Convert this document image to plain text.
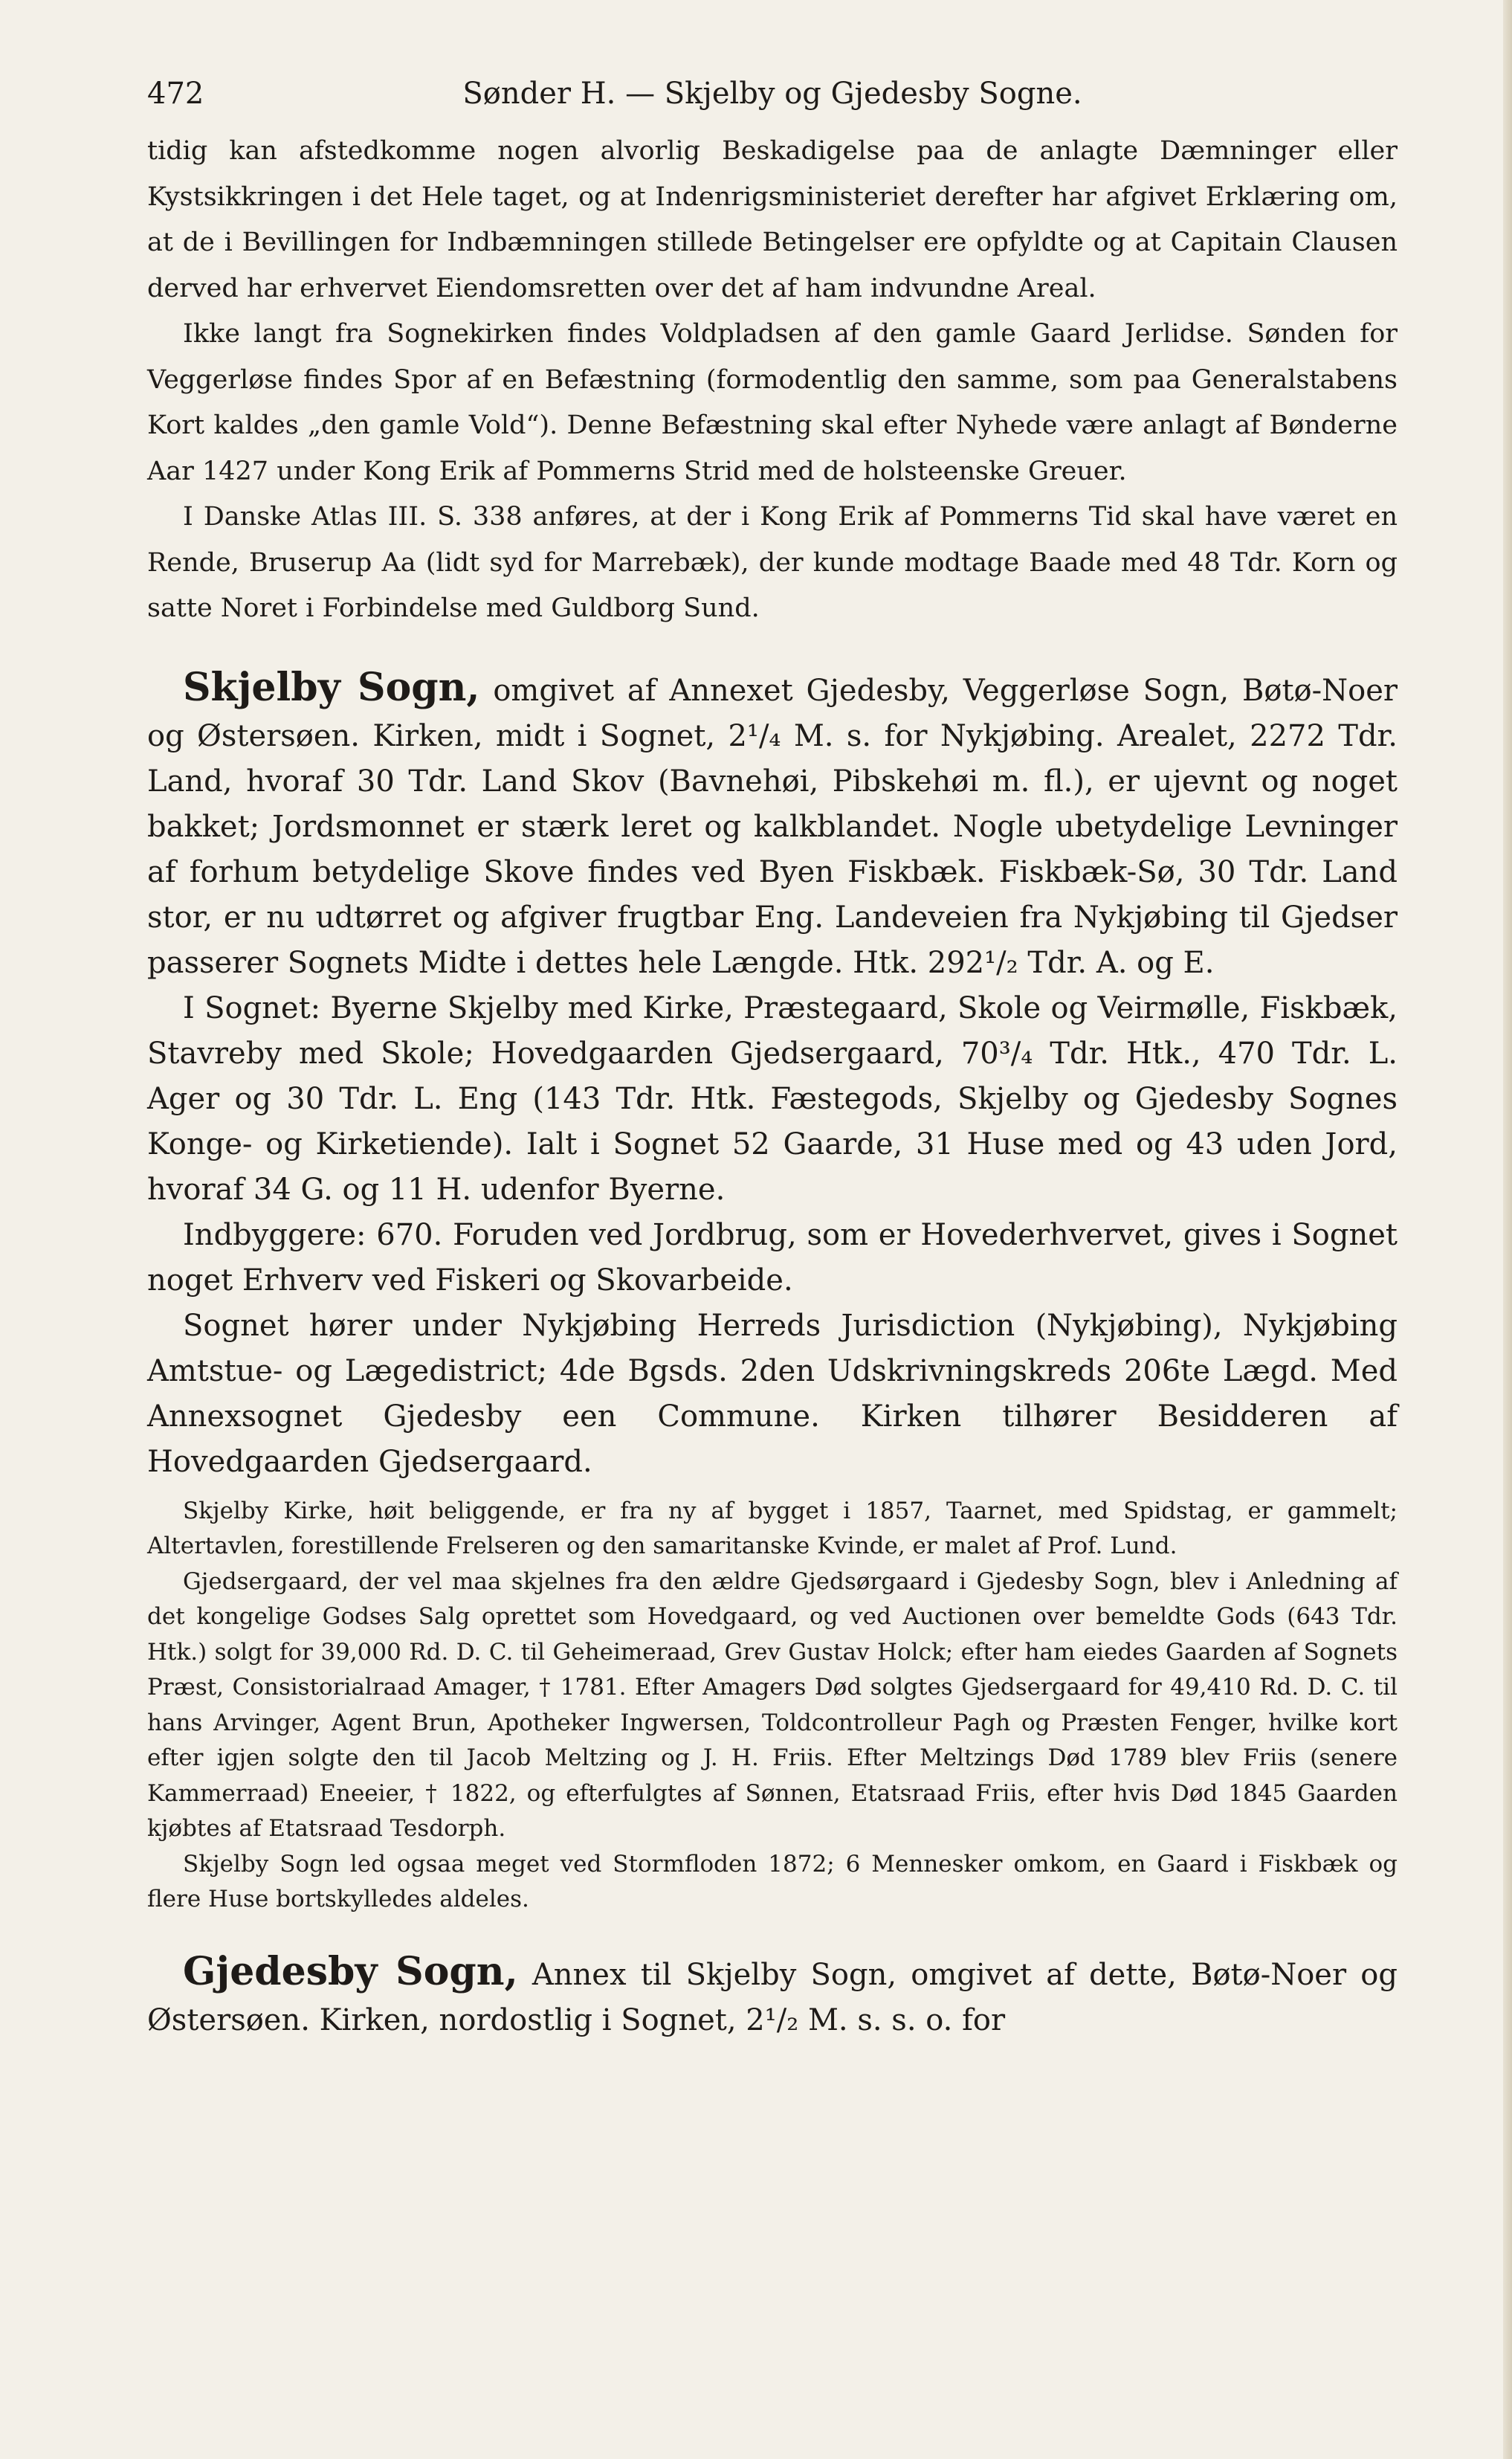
472	Sønder H. — Skjelby og Gjedesby Sogne.

tidig kan afstedkomme nogen alvorlig Beskadigelse paa de anlagte Dæmninger eller Kystsikkringen i det Hele taget, og at Indenrigsministeriet derefter har afgivet Erklæring om, at de i Bevillingen for Indbæmningen stillede Betingelser ere opfyldte og at Capitain Clausen derved har erhvervet Eiendomsretten over det af ham indvundne Areal.

Ikke langt fra Sognekirken findes Voldpladsen af den gamle Gaard Jerlidse. Sønden for Veggerløse findes Spor af en Befæstning (formodentlig den samme, som paa Generalstabens Kort kaldes „den gamle Vold“). Denne Befæstning skal efter Nyhede være anlagt af Bønderne Aar 1427 under Kong Erik af Pommerns Strid med de holsteenske Greuer.

I Danske Atlas III. S. 338 anføres, at der i Kong Erik af Pommerns Tid skal have været en Rende, Bruserup Aa (lidt syd for Marrebæk), der kunde modtage Baade med 48 Tdr. Korn og satte Noret i Forbindelse med Guldborg Sund.

Skjelby Sogn, omgivet af Annexet Gjedesby, Veggerløse Sogn, Bøtø-Noer og Østersøen. Kirken, midt i Sognet, 2¹/₄ M. s. for Nykjøbing. Arealet, 2272 Tdr. Land, hvoraf 30 Tdr. Land Skov (Bavnehøi, Pibskehøi m. fl.), er ujevnt og noget bakket; Jordsmonnet er stærk leret og kalkblandet. Nogle ubetydelige Levninger af forhum betydelige Skove findes ved Byen Fiskbæk. Fiskbæk-Sø, 30 Tdr. Land stor, er nu udtørret og afgiver frugtbar Eng. Landeveien fra Nykjøbing til Gjedser passerer Sognets Midte i dettes hele Længde. Htk. 292¹/₂ Tdr. A. og E.

I Sognet: Byerne Skjelby med Kirke, Præstegaard, Skole og Veirmølle, Fiskbæk, Stavreby med Skole; Hovedgaarden Gjedsergaard, 70³/₄ Tdr. Htk., 470 Tdr. L. Ager og 30 Tdr. L. Eng (143 Tdr. Htk. Fæstegods, Skjelby og Gjedesby Sognes Konge- og Kirketiende). Ialt i Sognet 52 Gaarde, 31 Huse med og 43 uden Jord, hvoraf 34 G. og 11 H. udenfor Byerne.

Indbyggere: 670. Foruden ved Jordbrug, som er Hovederhvervet, gives i Sognet noget Erhverv ved Fiskeri og Skovarbeide.

Sognet hører under Nykjøbing Herreds Jurisdiction (Nykjøbing), Nykjøbing Amtstue- og Lægedistrict; 4de Bgsds. 2den Udskrivningskreds 206te Lægd. Med Annexsognet Gjedesby een Commune. Kirken tilhører Besidderen af Hovedgaarden Gjedsergaard.

Skjelby Kirke, høit beliggende, er fra ny af bygget i 1857, Taarnet, med Spidstag, er gammelt; Altertavlen, forestillende Frelseren og den samaritanske Kvinde, er malet af Prof. Lund.

Gjedsergaard, der vel maa skjelnes fra den ældre Gjedsørgaard i Gjedesby Sogn, blev i Anledning af det kongelige Godses Salg oprettet som Hovedgaard, og ved Auctionen over bemeldte Gods (643 Tdr. Htk.) solgt for 39,000 Rd. D. C. til Geheimeraad, Grev Gustav Holck; efter ham eiedes Gaarden af Sognets Præst, Consistorialraad Amager, † 1781. Efter Amagers Død solgtes Gjedsergaard for 49,410 Rd. D. C. til hans Arvinger, Agent Brun, Apotheker Ingwersen, Toldcontrolleur Pagh og Præsten Fenger, hvilke kort efter igjen solgte den til Jacob Meltzing og J. H. Friis. Efter Meltzings Død 1789 blev Friis (senere Kammerraad) Eneeier, † 1822, og efterfulgtes af Sønnen, Etatsraad Friis, efter hvis Død 1845 Gaarden kjøbtes af Etatsraad Tesdorph.

Skjelby Sogn led ogsaa meget ved Stormfloden 1872; 6 Mennesker omkom, en Gaard i Fiskbæk og flere Huse bortskylledes aldeles.

Gjedesby Sogn, Annex til Skjelby Sogn, omgivet af dette, Bøtø-Noer og Østersøen. Kirken, nordostlig i Sognet, 2¹/₂ M. s. s. o. for
